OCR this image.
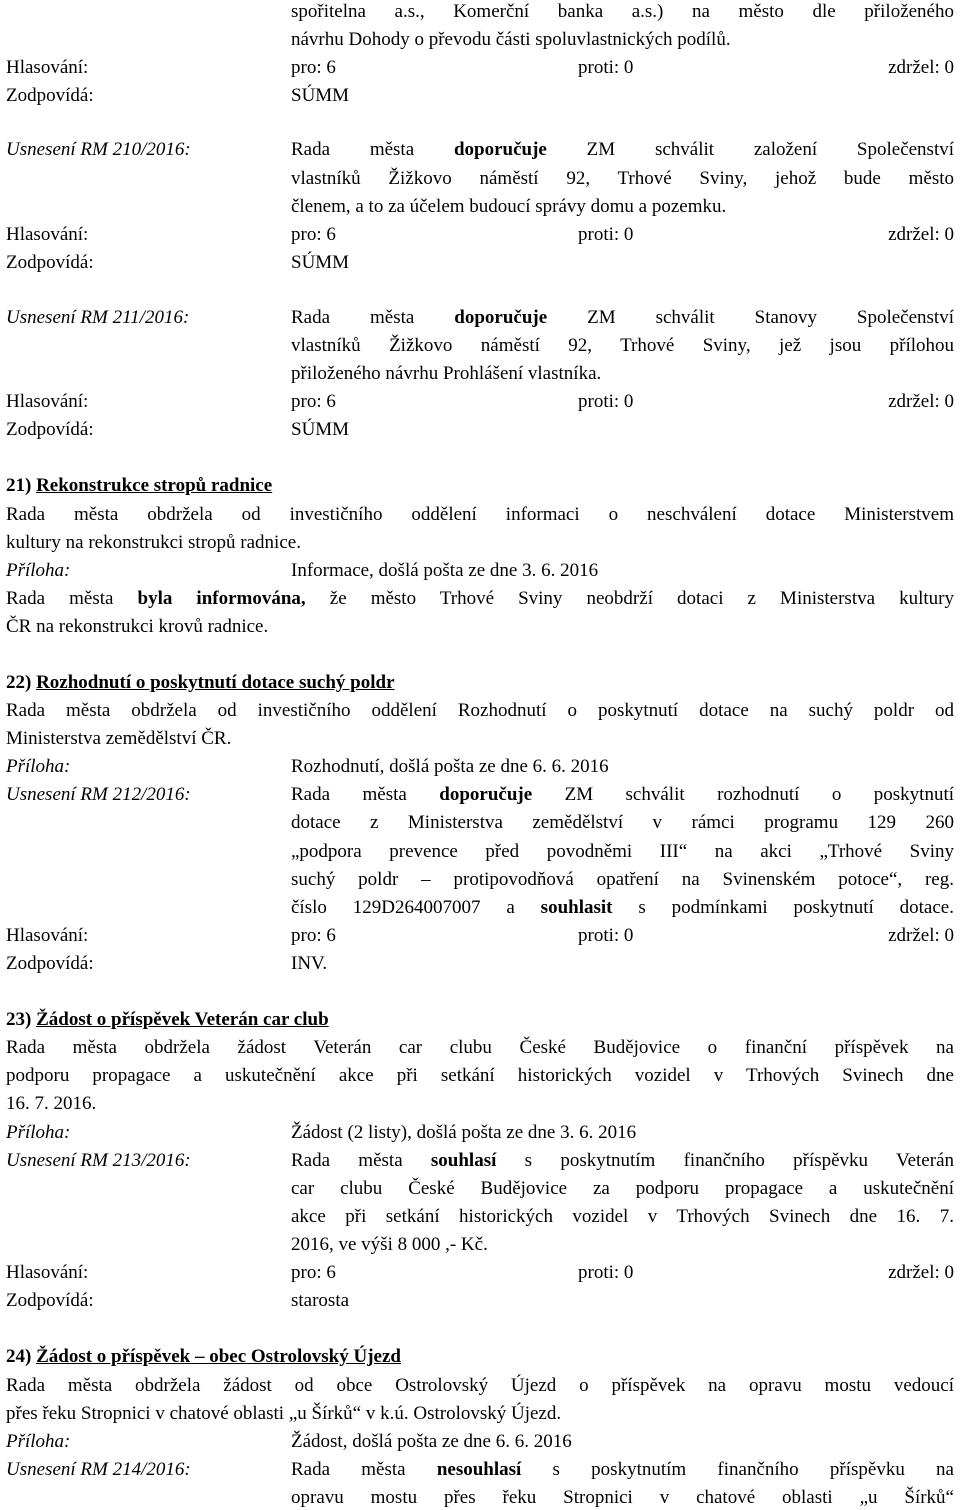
spořitelna a.s., Komerční banka a.s.) na město dle přiloženého
návrhu Dohody o převodu části spoluvlastnických podílů.
Hlasování:	pro: 6	proti: 0	zdržel: 0
Zodpovídá:	SÚMM
Usnesení RM 210/2016:	Rada města doporučuje ZM schválit založení Společenství
vlastníků Žižkovo náměstí 92, Trhové Sviny, jehož bude město
členem, a to za účelem budoucí správy domu a pozemku.
Hlasování:	pro: 6	proti: 0	zdržel: 0
Zodpovídá:	SÚMM
Usnesení RM 211/2016:	Rada města doporučuje ZM schválit Stanovy Společenství
vlastníků Žižkovo náměstí 92, Trhové Sviny, jež jsou přílohou
přiloženého návrhu Prohlášení vlastníka.
Hlasování:	pro: 6	proti: 0	zdržel: 0
Zodpovídá:	SÚMM
21) Rekonstrukce stropů radnice
Rada města obdržela od investičního oddělení informaci o neschválení dotace Ministerstvem
kultury na rekonstrukci stropů radnice.
Příloha:	Informace, došlá pošta ze dne 3. 6. 2016
Rada města byla informována, že město Trhové Sviny neobdrží dotaci z Ministerstva kultury
ČR na rekonstrukci krovů radnice.
22) Rozhodnutí o poskytnutí dotace suchý poldr
Rada města obdržela od investičního oddělení Rozhodnutí o poskytnutí dotace na suchý poldr od
Ministerstva zemědělství ČR.
Příloha:	Rozhodnutí, došlá pošta ze dne 6. 6. 2016
Usnesení RM 212/2016:	Rada města doporučuje ZM schválit rozhodnutí o poskytnutí
dotace z Ministerstva zemědělství v rámci programu 129 260
„podpora prevence před povodněmi III“ na akci „Trhové Sviny
suchý poldr – protipovodňová opatření na Svinenském potoce“, reg.
číslo 129D264007007 a souhlasit s podmínkami poskytnutí dotace.
Hlasování:	pro: 6	proti: 0	zdržel: 0
Zodpovídá:	INV.
23) Žádost o příspěvek Veterán car club
Rada města obdržela žádost Veterán car clubu České Budějovice o finanční příspěvek na
podporu propagace a uskutečnění akce při setkání historických vozidel v Trhových Svinech dne
16. 7. 2016.
Příloha:	Žádost (2 listy), došlá pošta ze dne 3. 6. 2016
Usnesení RM 213/2016:	Rada města souhlasí s poskytnutím finančního příspěvku Veterán
car clubu České Budějovice za podporu propagace a uskutečnění
akce při setkání historických vozidel v Trhových Svinech dne 16. 7.
2016, ve výši 8 000 ,- Kč.
Hlasování:	pro: 6	proti: 0	zdržel: 0
Zodpovídá:	starosta
24) Žádost o příspěvek – obec Ostrolovský Újezd
Rada města obdržela žádost od obce Ostrolovský Újezd o příspěvek na opravu mostu vedoucí
přes řeku Stropnici v chatové oblasti „u Šírků“ v k.ú. Ostrolovský Újezd.
Příloha:	Žádost, došlá pošta ze dne 6. 6. 2016
Usnesení RM 214/2016:	Rada města nesouhlasí s poskytnutím finančního příspěvku na
opravu mostu přes řeku Stropnici v chatové oblasti „u Šírků“
